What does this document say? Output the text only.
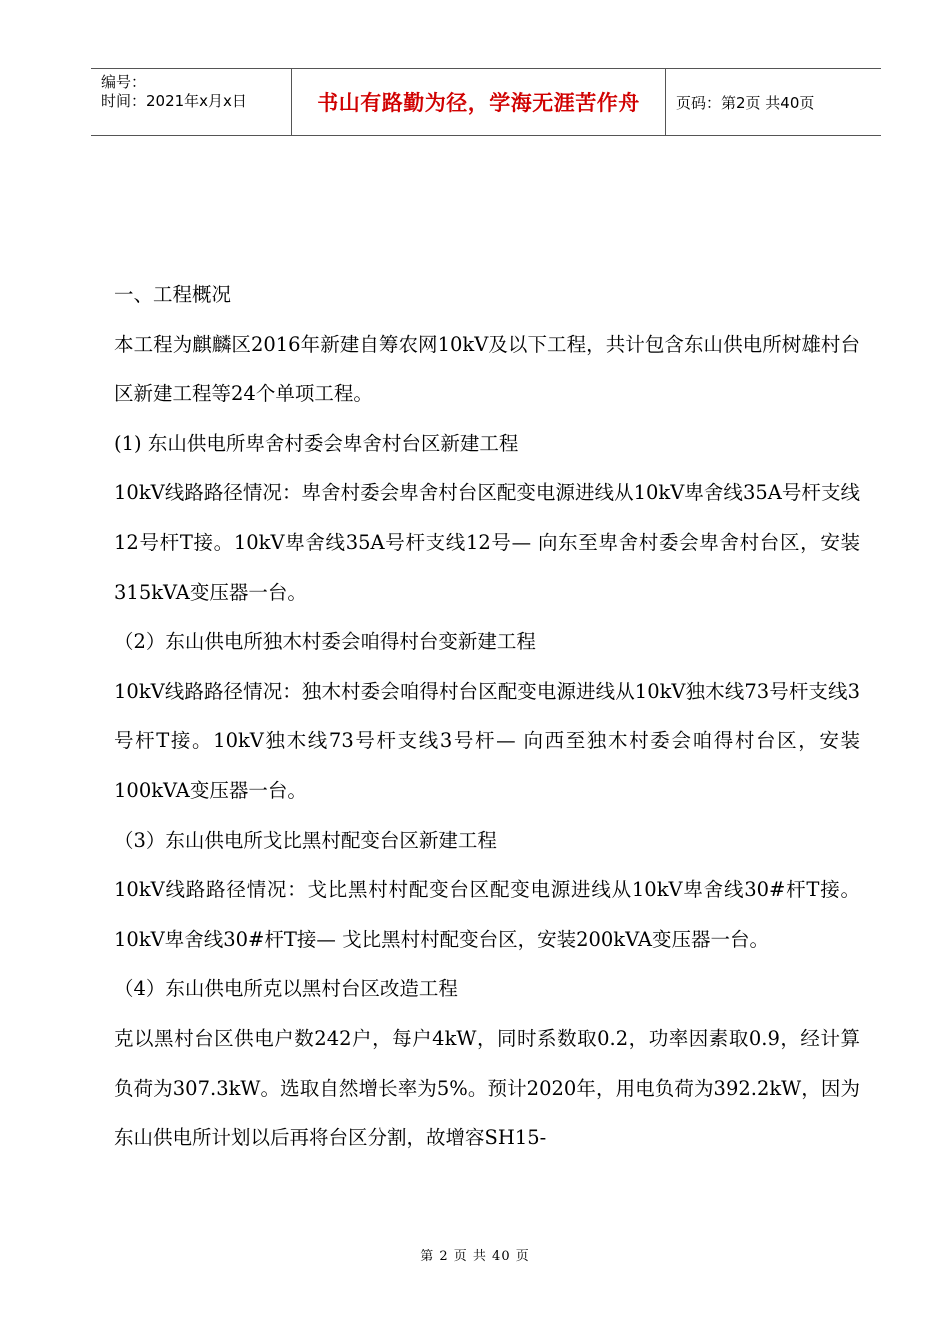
编号：
时间：2021年x月x日	书山有路勤为径，学海无涯苦作舟	页码：第2页 共40页

一、工程概况

本工程为麒麟区2016年新建自筹农网10kV及以下工程，共计包含东山供电所树雄村台区新建工程等24个单项工程。

(1) 东山供电所卑舍村委会卑舍村台区新建工程

10kV线路路径情况：卑舍村委会卑舍村台区配变电源进线从10kV卑舍线35A号杆支线12号杆T接。10kV卑舍线35A号杆支线12号— 向东至卑舍村委会卑舍村台区，安装315kVA变压器一台。

（2）东山供电所独木村委会咱得村台变新建工程

10kV线路路径情况：独木村委会咱得村台区配变电源进线从10kV独木线73号杆支线3号杆T接。10kV独木线73号杆支线3号杆— 向西至独木村委会咱得村台区，安装100kVA变压器一台。

（3）东山供电所戈比黑村配变台区新建工程

10kV线路路径情况：戈比黑村村配变台区配变电源进线从10kV卑舍线30#杆T接。10kV卑舍线30#杆T接— 戈比黑村村配变台区，安装200kVA变压器一台。

（4）东山供电所克以黑村台区改造工程

克以黑村台区供电户数242户，每户4kW，同时系数取0.2，功率因素取0.9，经计算负荷为307.3kW。选取自然增长率为5%。预计2020年，用电负荷为392.2kW，因为东山供电所计划以后再将台区分割，故增容SH15-

第 2 页 共 40 页
